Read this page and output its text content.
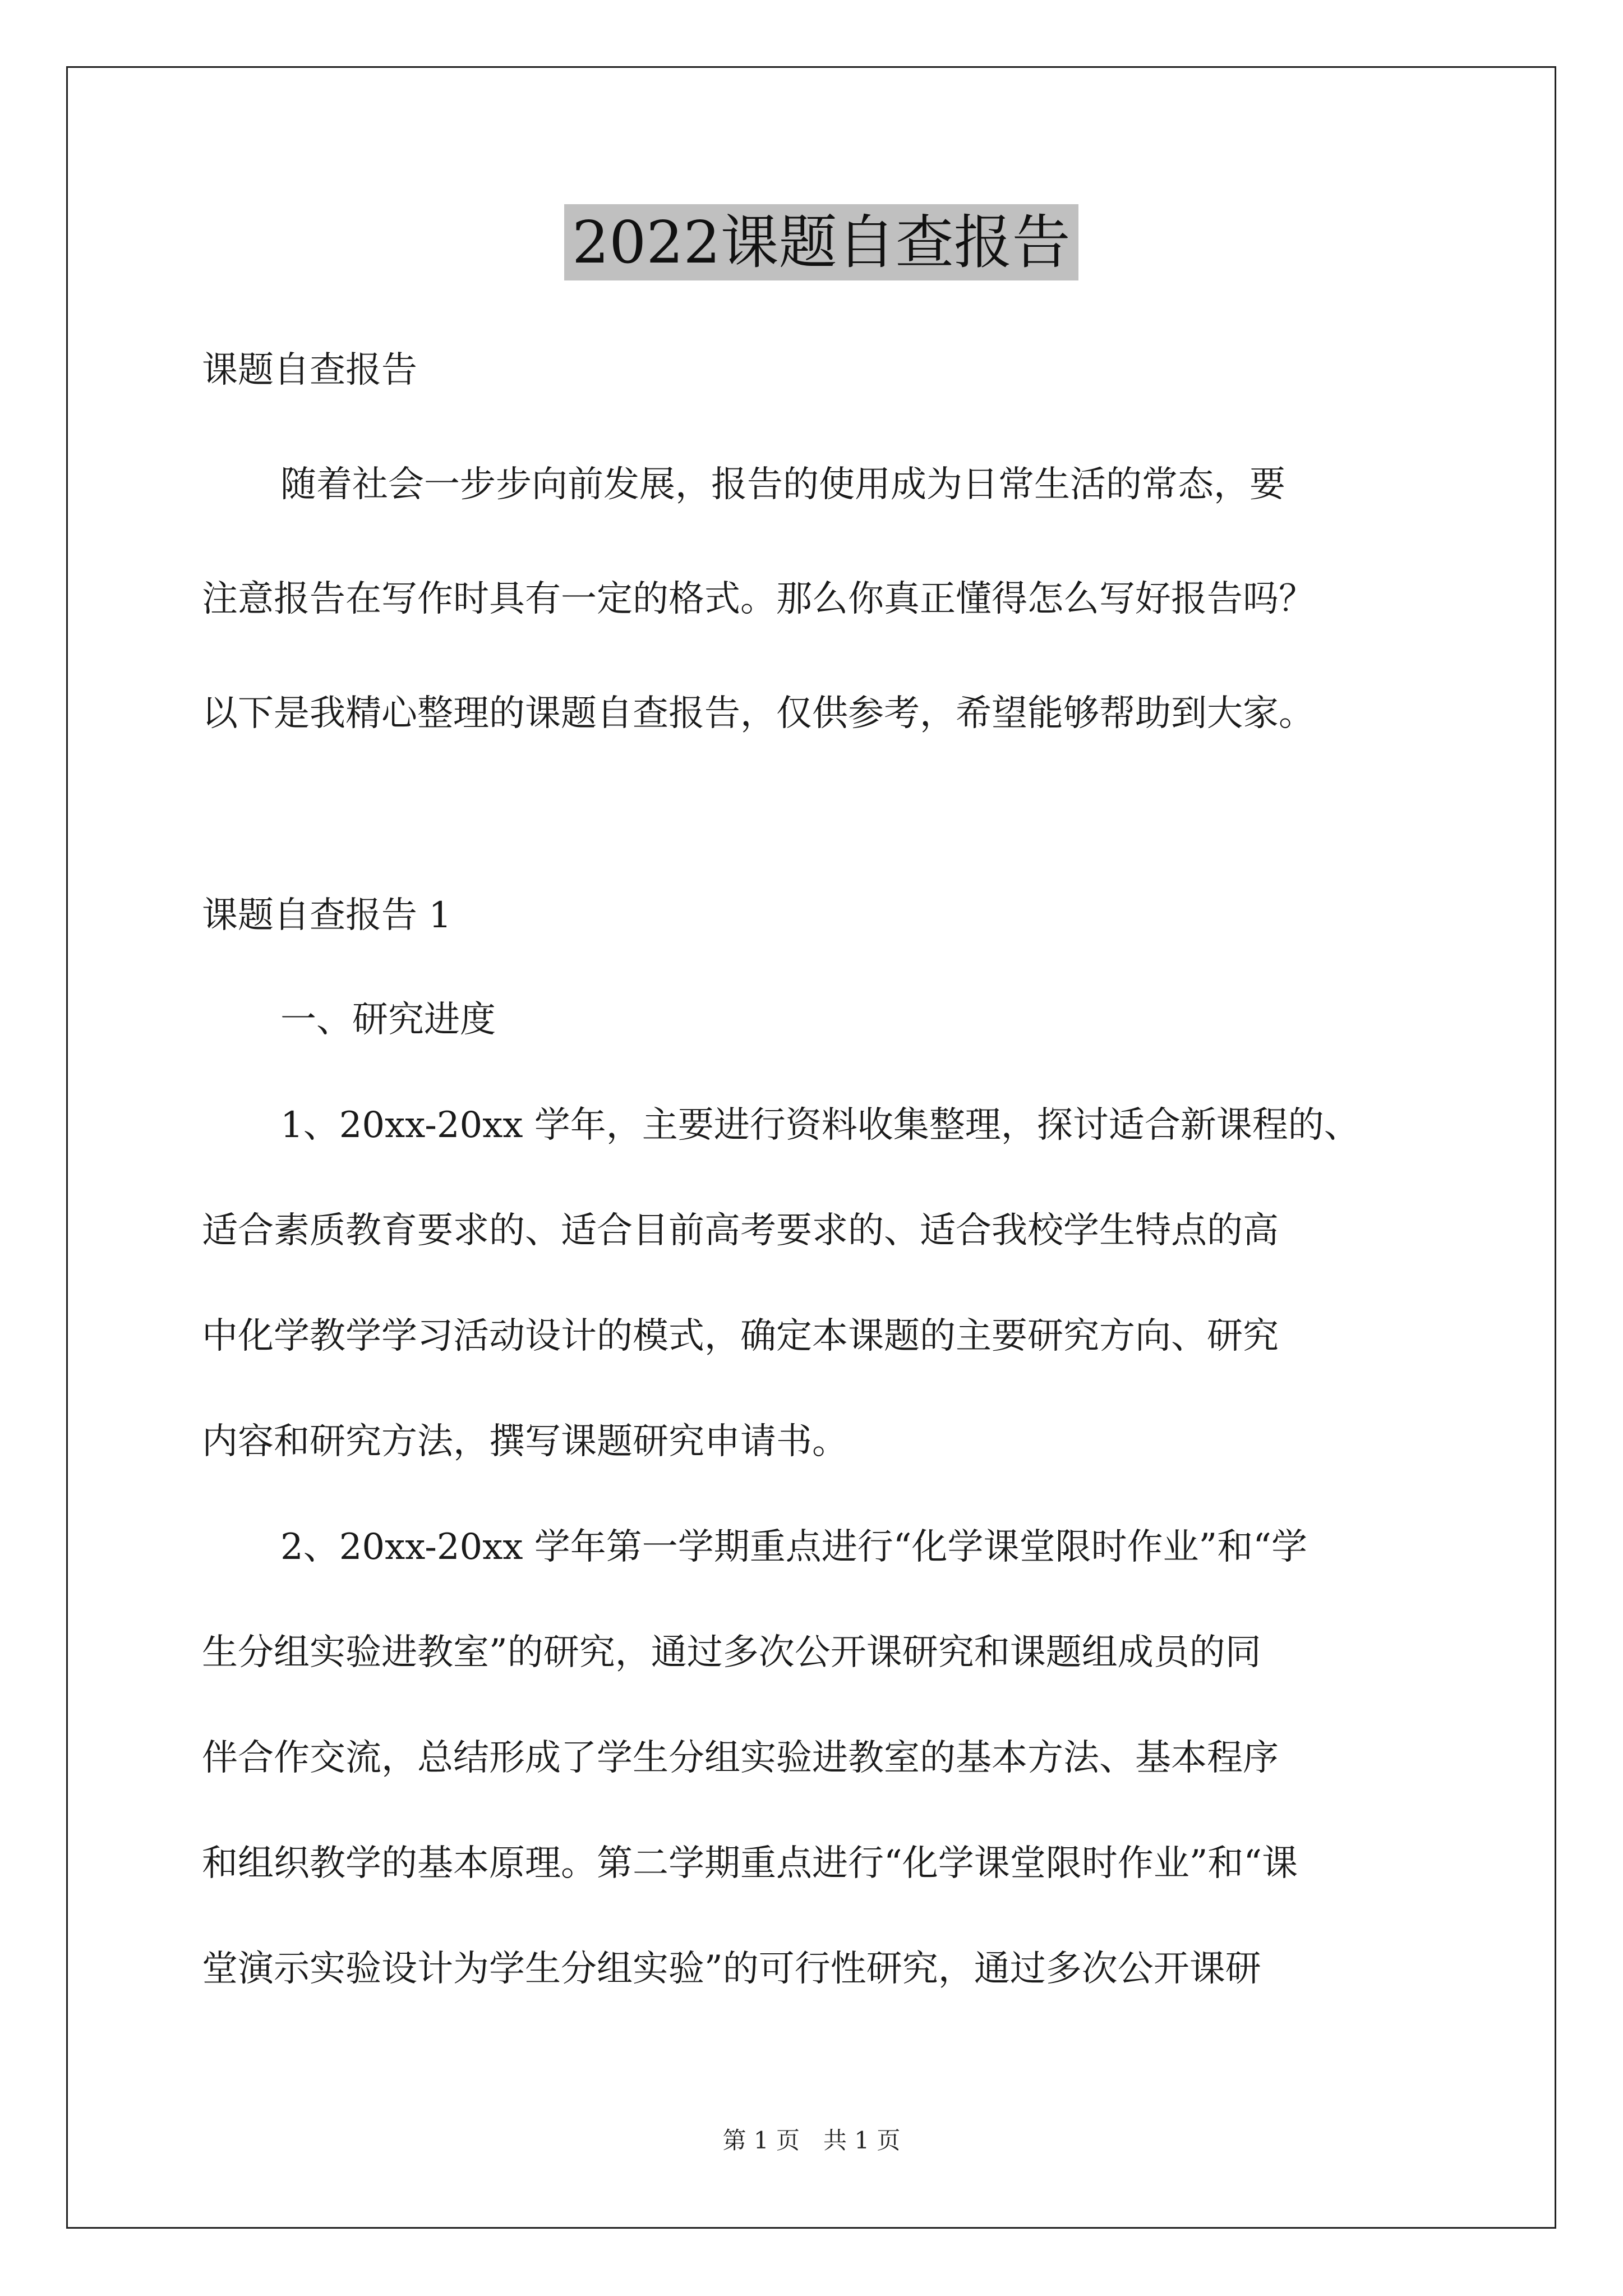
2022课题自查报告
课题自查报告
随着社会一步步向前发展，报告的使用成为日常生活的常态，要
注意报告在写作时具有一定的格式。那么你真正懂得怎么写好报告吗？
以下是我精心整理的课题自查报告，仅供参考，希望能够帮助到大家。
课题自查报告 1
一、研究进度
1、20xx-20xx 学年，主要进行资料收集整理，探讨适合新课程的、
适合素质教育要求的、适合目前高考要求的、适合我校学生特点的高
中化学教学学习活动设计的模式，确定本课题的主要研究方向、研究
内容和研究方法，撰写课题研究申请书。
2、20xx-20xx 学年第一学期重点进行“化学课堂限时作业”和“学
生分组实验进教室”的研究，通过多次公开课研究和课题组成员的同
伴合作交流，总结形成了学生分组实验进教室的基本方法、基本程序
和组织教学的基本原理。第二学期重点进行“化学课堂限时作业”和“课
堂演示实验设计为学生分组实验”的可行性研究，通过多次公开课研
第 1 页　共 1 页
